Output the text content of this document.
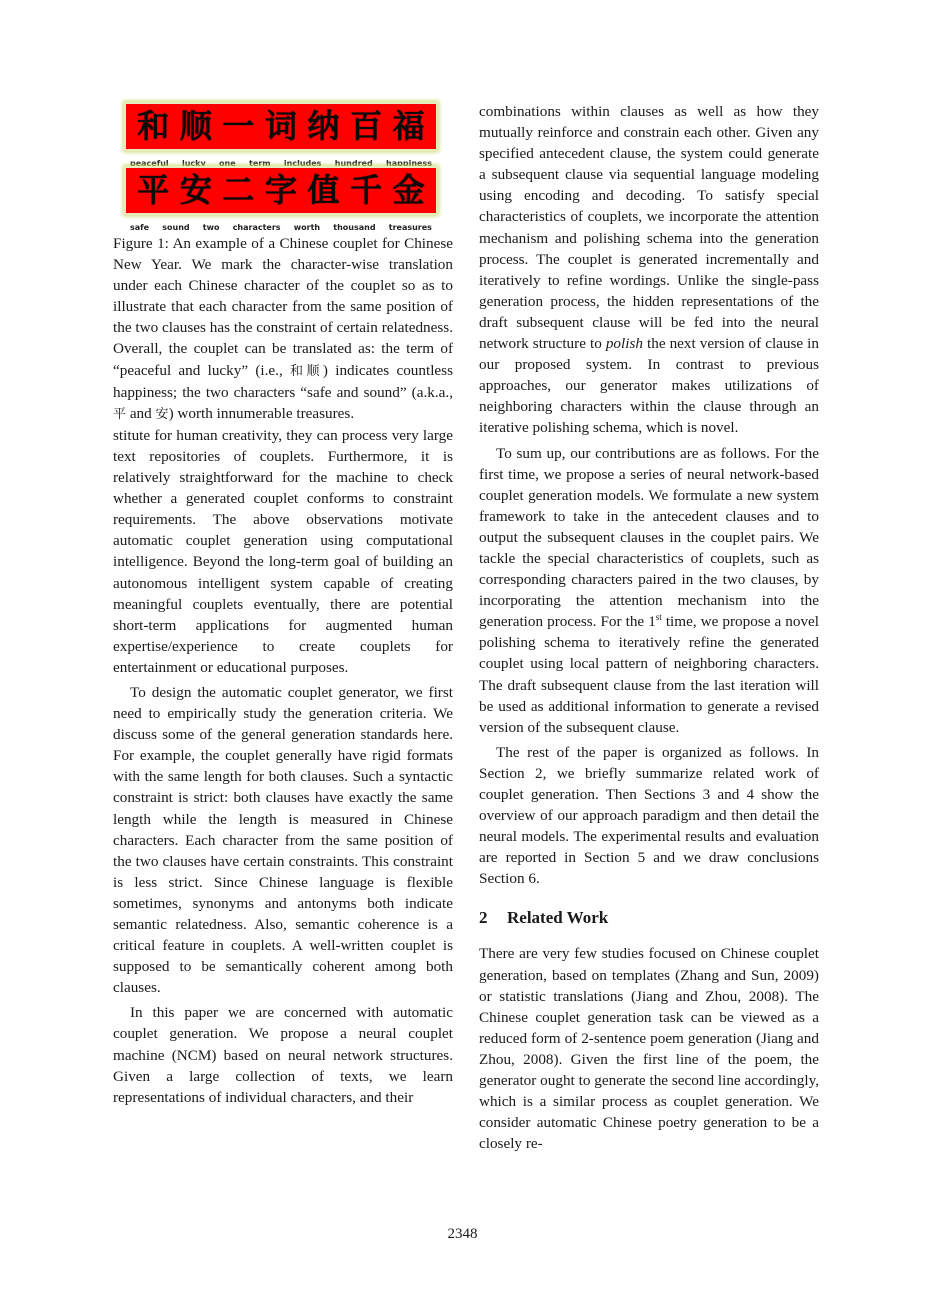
和 顺 一 词 纳 百 福
peaceful lucky one term includes hundred happiness
平 安 二 字 值 千 金
safe sound two characters worth thousand treasures

Figure 1: An example of a Chinese couplet for Chinese New Year. We mark the character-wise translation under each Chinese character of the couplet so as to illustrate that each character from the same position of the two clauses has the constraint of certain relatedness. Overall, the couplet can be translated as: the term of “peaceful and lucky” (i.e., 和顺) indicates countless happiness; the two characters “safe and sound” (a.k.a., 平 and 安) worth innumerable treasures.

stitute for human creativity, they can process very large text repositories of couplets. Furthermore, it is relatively straightforward for the machine to check whether a generated couplet conforms to constraint requirements. The above observations motivate automatic couplet generation using computational intelligence. Beyond the long-term goal of building an autonomous intelligent system capable of creating meaningful couplets eventually, there are potential short-term applications for augmented human expertise/experience to create couplets for entertainment or educational purposes.

To design the automatic couplet generator, we first need to empirically study the generation criteria. We discuss some of the general generation standards here. For example, the couplet generally have rigid formats with the same length for both clauses. Such a syntactic constraint is strict: both clauses have exactly the same length while the length is measured in Chinese characters. Each character from the same position of the two clauses have certain constraints. This constraint is less strict. Since Chinese language is flexible sometimes, synonyms and antonyms both indicate semantic relatedness. Also, semantic coherence is a critical feature in couplets. A well-written couplet is supposed to be semantically coherent among both clauses.

In this paper we are concerned with automatic couplet generation. We propose a neural couplet machine (NCM) based on neural network structures. Given a large collection of texts, we learn representations of individual characters, and their

combinations within clauses as well as how they mutually reinforce and constrain each other. Given any specified antecedent clause, the system could generate a subsequent clause via sequential language modeling using encoding and decoding. To satisfy special characteristics of couplets, we incorporate the attention mechanism and polishing schema into the generation process. The couplet is generated incrementally and iteratively to refine wordings. Unlike the single-pass generation process, the hidden representations of the draft subsequent clause will be fed into the neural network structure to polish the next version of clause in our proposed system. In contrast to previous approaches, our generator makes utilizations of neighboring characters within the clause through an iterative polishing schema, which is novel.

To sum up, our contributions are as follows. For the first time, we propose a series of neural network-based couplet generation models. We formulate a new system framework to take in the antecedent clauses and to output the subsequent clauses in the couplet pairs. We tackle the special characteristics of couplets, such as corresponding characters paired in the two clauses, by incorporating the attention mechanism into the generation process. For the 1st time, we propose a novel polishing schema to iteratively refine the generated couplet using local pattern of neighboring characters. The draft subsequent clause from the last iteration will be used as additional information to generate a revised version of the subsequent clause.

The rest of the paper is organized as follows. In Section 2, we briefly summarize related work of couplet generation. Then Sections 3 and 4 show the overview of our approach paradigm and then detail the neural models. The experimental results and evaluation are reported in Section 5 and we draw conclusions Section 6.

2 Related Work

There are very few studies focused on Chinese couplet generation, based on templates (Zhang and Sun, 2009) or statistic translations (Jiang and Zhou, 2008). The Chinese couplet generation task can be viewed as a reduced form of 2-sentence poem generation (Jiang and Zhou, 2008). Given the first line of the poem, the generator ought to generate the second line accordingly, which is a similar process as couplet generation. We consider automatic Chinese poetry generation to be a closely re-

2348
